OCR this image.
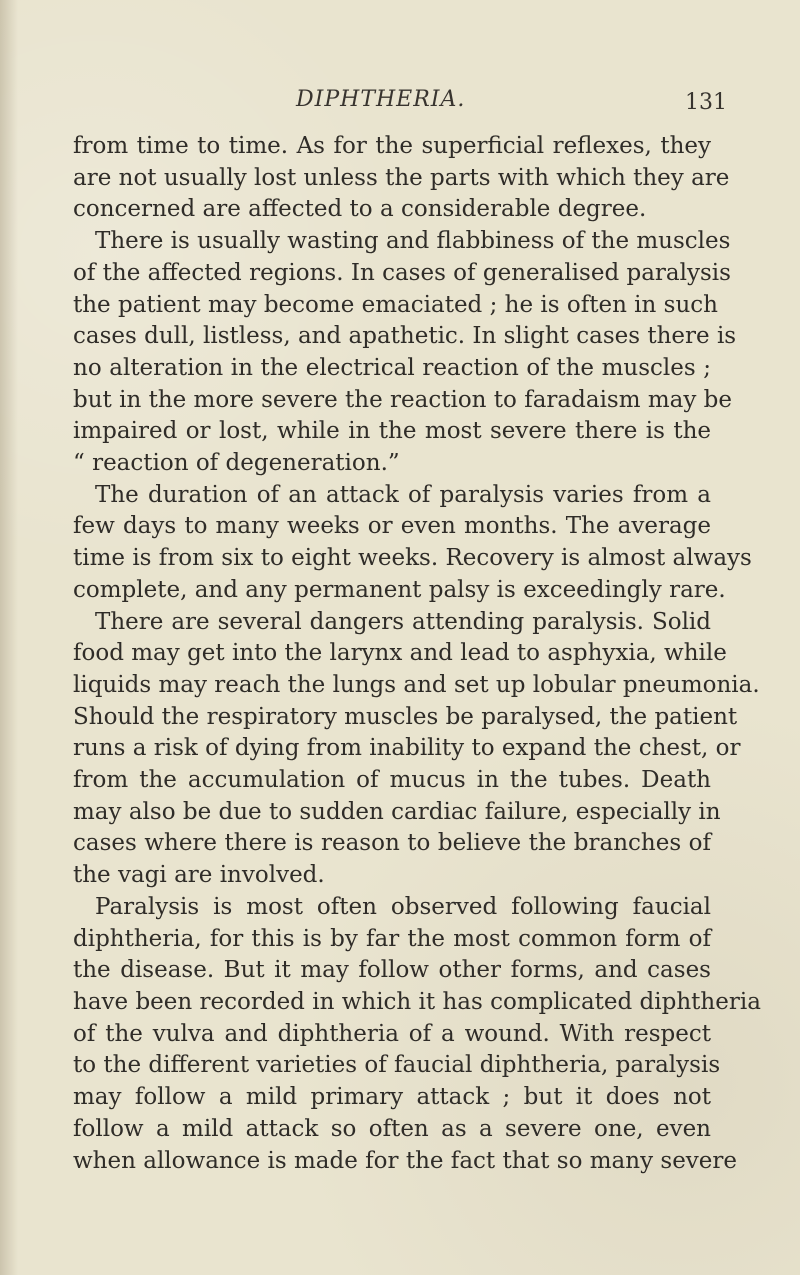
DIPHTHERIA.	131
from time to time. As for the superficial reflexes, they
are not usually lost unless the parts with which they are
concerned are affected to a considerable degree.
There is usually wasting and flabbiness of the muscles
of the affected regions. In cases of generalised paralysis
the patient may become emaciated ; he is often in such
cases dull, listless, and apathetic. In slight cases there is
no alteration in the electrical reaction of the muscles ;
but in the more severe the reaction to faradaism may be
impaired or lost, while in the most severe there is the
“ reaction of degeneration.”
The duration of an attack of paralysis varies from a
few days to many weeks or even months. The average
time is from six to eight weeks. Recovery is almost always
complete, and any permanent palsy is exceedingly rare.
There are several dangers attending paralysis. Solid
food may get into the larynx and lead to asphyxia, while
liquids may reach the lungs and set up lobular pneumonia.
Should the respiratory muscles be paralysed, the patient
runs a risk of dying from inability to expand the chest, or
from the accumulation of mucus in the tubes. Death
may also be due to sudden cardiac failure, especially in
cases where there is reason to believe the branches of
the vagi are involved.
Paralysis is most often observed following faucial
diphtheria, for this is by far the most common form of
the disease. But it may follow other forms, and cases
have been recorded in which it has complicated diphtheria
of the vulva and diphtheria of a wound. With respect
to the different varieties of faucial diphtheria, paralysis
may follow a mild primary attack ; but it does not
follow a mild attack so often as a severe one, even
when allowance is made for the fact that so many severe
